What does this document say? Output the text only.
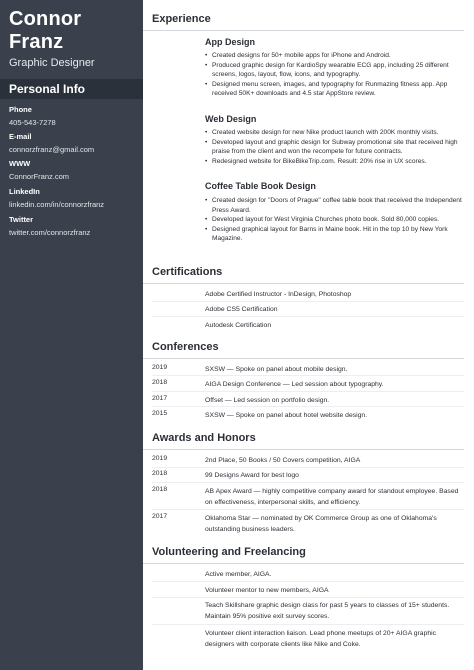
Connor
Franz
Graphic Designer
Personal Info
Phone
405-543-7278
E-mail
connorzfranz@gmail.com
WWW
ConnorFranz.com
LinkedIn
linkedin.com/in/connorzfranz
Twitter
twitter.com/connorzfranz
Experience
App Design
• Created designs for 50+ mobile apps for iPhone and Android.
• Produced graphic design for KardioSpy wearable ECG app, including 25 different screens, logos, layout, flow, icons, and typography.
• Designed menu screen, images, and typography for Runmazing fitness app. App received 50K+ downloads and 4.5 star AppStore review.
Web Design
• Created website design for new Nike product launch with 200K monthly visits.
• Developed layout and graphic design for Subway promotional site that received high praise from the client and won the recompete for future contracts.
• Redesigned website for BikeBikeTrip.com. Result: 20% rise in UX scores.
Coffee Table Book Design
• Created design for "Doors of Prague" coffee table book that received the Independent Press Award.
• Developed layout for West Virginia Churches photo book. Sold 80,000 copies.
• Designed graphical layout for Barns in Maine book. Hit in the top 10 by New York Magazine.
Certifications
Adobe Certified Instructor - InDesign, Photoshop
Adobe CS5 Certification
Autodesk Certification
Conferences
2019	SXSW — Spoke on panel about mobile design.
2018	AIGA Design Conference — Led session about typography.
2017	Offset — Led session on portfolio design.
2015	SXSW — Spoke on panel about hotel website design.
Awards and Honors
2019	2nd Place, 50 Books / 50 Covers competition, AIGA
2018	99 Designs Award for best logo
2018	AB Apex Award — highly competitive company award for standout employee. Based on effectiveness, interpersonal skills, and efficiency.
2017	Oklahoma Star — nominated by OK Commerce Group as one of Oklahoma's outstanding business leaders.
Volunteering and Freelancing
Active member, AIGA.
Volunteer mentor to new members, AIGA
Teach Skillshare graphic design class for past 5 years to classes of 15+ students. Maintain 95% positive exit survey scores.
Volunteer client interaction liaison. Lead phone meetups of 20+ AIGA graphic designers with corporate clients like Nike and Coke.
